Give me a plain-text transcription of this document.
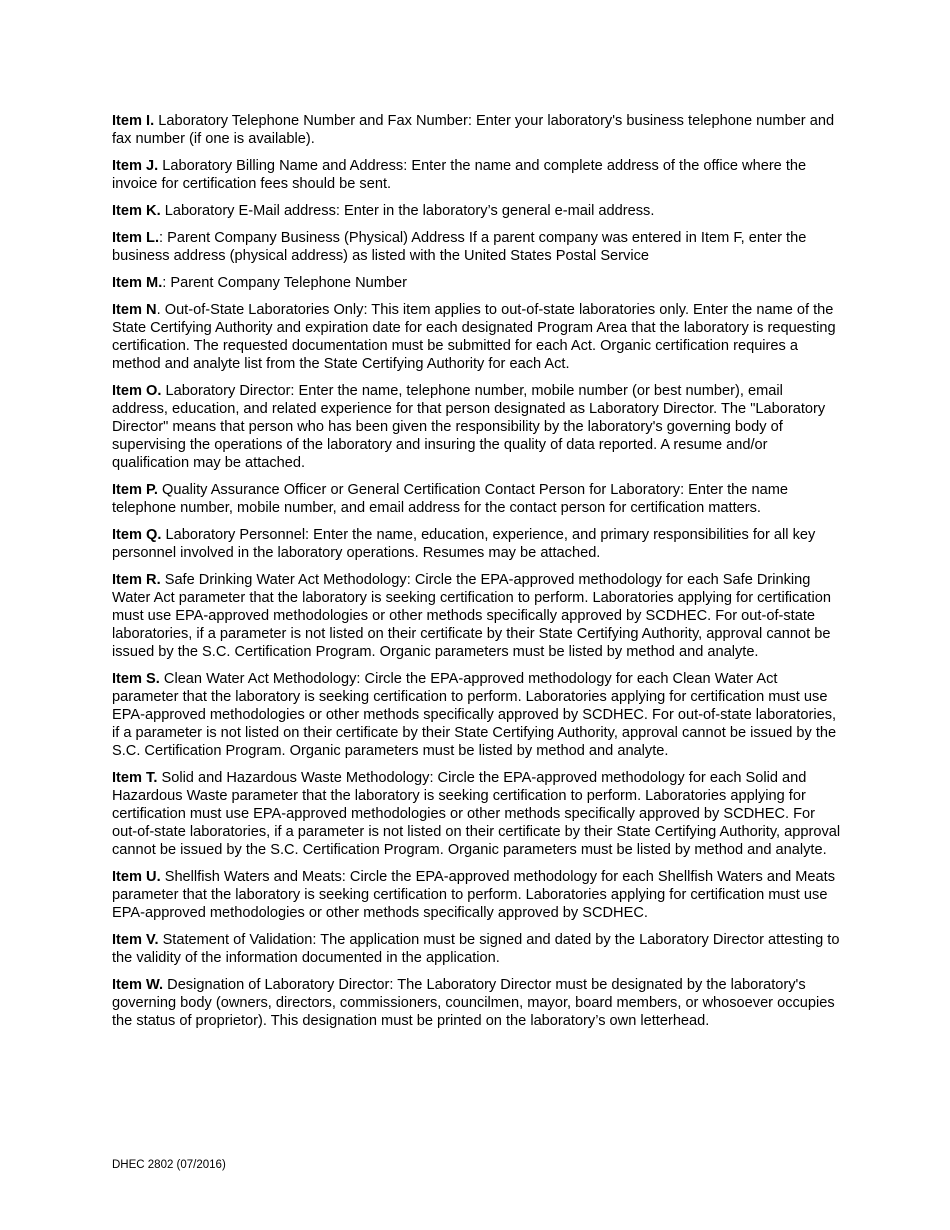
Item I. Laboratory Telephone Number and Fax Number: Enter your laboratory's business telephone number and fax number (if one is available).

Item J. Laboratory Billing Name and Address: Enter the name and complete address of the office where the invoice for certification fees should be sent.

Item K. Laboratory E-Mail address: Enter in the laboratory’s general e-mail address.

Item L.: Parent Company Business (Physical) Address If a parent company was entered in Item F, enter the business address (physical address) as listed with the United States Postal Service

Item M.: Parent Company Telephone Number

Item N. Out-of-State Laboratories Only: This item applies to out-of-state laboratories only. Enter the name of the State Certifying Authority and expiration date for each designated Program Area that the laboratory is requesting certification. The requested documentation must be submitted for each Act. Organic certification requires a method and analyte list from the State Certifying Authority for each Act.

Item O. Laboratory Director: Enter the name, telephone number, mobile number (or best number), email address, education, and related experience for that person designated as Laboratory Director. The "Laboratory Director" means that person who has been given the responsibility by the laboratory's governing body of supervising the operations of the laboratory and insuring the quality of data reported. A resume and/or qualification may be attached.

Item P. Quality Assurance Officer or General Certification Contact Person for Laboratory: Enter the name telephone number, mobile number, and email address for the contact person for certification matters.

Item Q. Laboratory Personnel: Enter the name, education, experience, and primary responsibilities for all key personnel involved in the laboratory operations. Resumes may be attached.

Item R. Safe Drinking Water Act Methodology: Circle the EPA-approved methodology for each Safe Drinking Water Act parameter that the laboratory is seeking certification to perform. Laboratories applying for certification must use EPA-approved methodologies or other methods specifically approved by SCDHEC. For out-of-state laboratories, if a parameter is not listed on their certificate by their State Certifying Authority, approval cannot be issued by the S.C. Certification Program. Organic parameters must be listed by method and analyte.

Item S. Clean Water Act Methodology: Circle the EPA-approved methodology for each Clean Water Act parameter that the laboratory is seeking certification to perform. Laboratories applying for certification must use EPA-approved methodologies or other methods specifically approved by SCDHEC. For out-of-state laboratories, if a parameter is not listed on their certificate by their State Certifying Authority, approval cannot be issued by the S.C. Certification Program. Organic parameters must be listed by method and analyte.

Item T. Solid and Hazardous Waste Methodology: Circle the EPA-approved methodology for each Solid and Hazardous Waste parameter that the laboratory is seeking certification to perform. Laboratories applying for certification must use EPA-approved methodologies or other methods specifically approved by SCDHEC. For out-of-state laboratories, if a parameter is not listed on their certificate by their State Certifying Authority, approval cannot be issued by the S.C. Certification Program. Organic parameters must be listed by method and analyte.

Item U. Shellfish Waters and Meats: Circle the EPA-approved methodology for each Shellfish Waters and Meats parameter that the laboratory is seeking certification to perform. Laboratories applying for certification must use EPA-approved methodologies or other methods specifically approved by SCDHEC.

Item V. Statement of Validation: The application must be signed and dated by the Laboratory Director attesting to the validity of the information documented in the application.

Item W. Designation of Laboratory Director: The Laboratory Director must be designated by the laboratory's governing body (owners, directors, commissioners, councilmen, mayor, board members, or whosoever occupies the status of proprietor). This designation must be printed on the laboratory’s own letterhead.

DHEC 2802 (07/2016)
